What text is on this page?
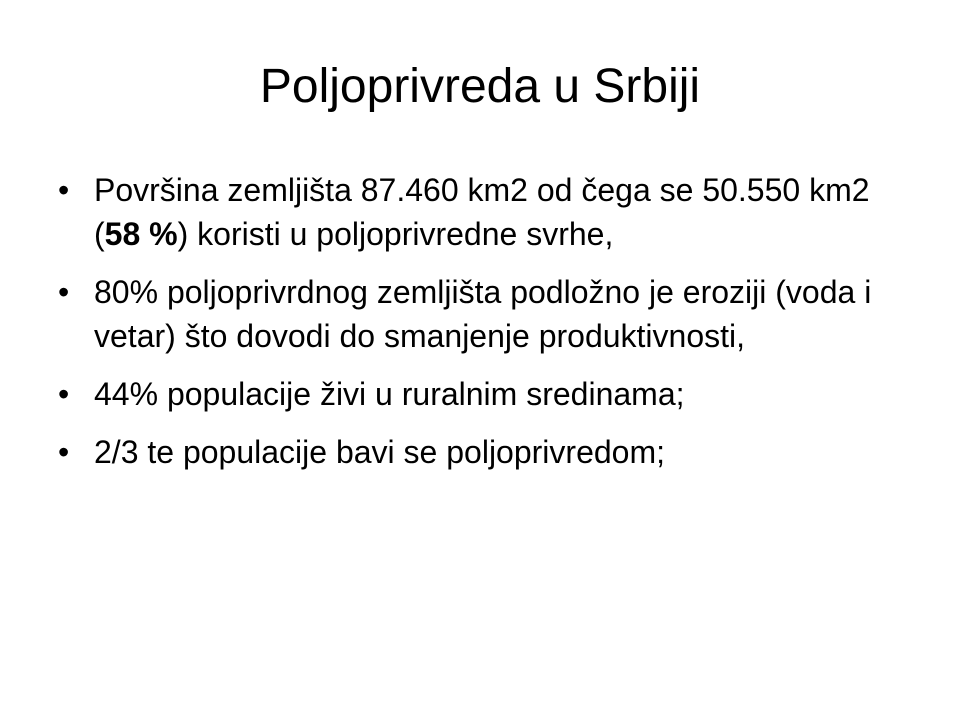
Poljoprivreda u Srbiji
• Površina zemljišta 87.460 km2 od čega se 50.550 km2 (58 %) koristi u poljoprivredne svrhe,
• 80% poljoprivrdnog zemljišta podložno je eroziji (voda i vetar) što dovodi do smanjenje produktivnosti,
• 44% populacije živi u ruralnim sredinama;
• 2/3 te populacije bavi se poljoprivredom;
